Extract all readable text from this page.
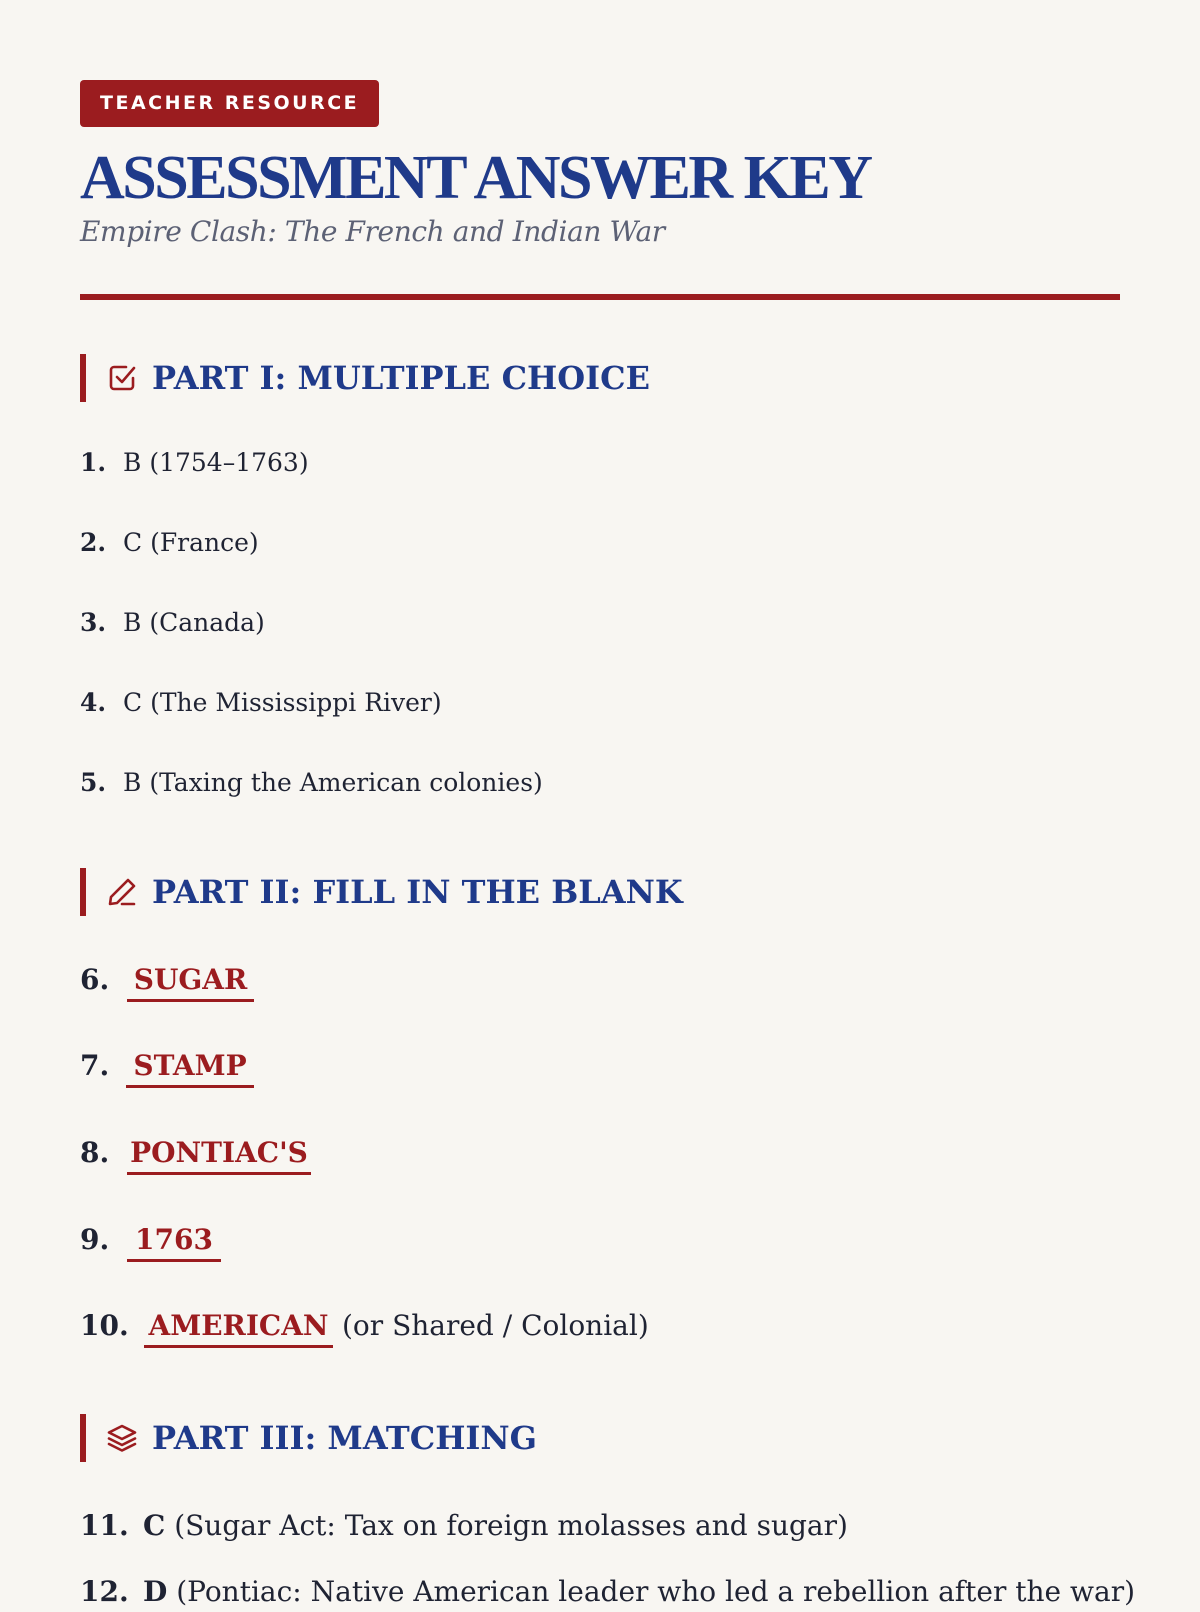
TEACHER RESOURCE
ASSESSMENT ANSWER KEY
Empire Clash: The French and Indian War
PART I: MULTIPLE CHOICE
1. B (1754–1763)
2. C (France)
3. B (Canada)
4. C (The Mississippi River)
5. B (Taxing the American colonies)
PART II: FILL IN THE BLANK
6. SUGAR
7. STAMP
8. PONTIAC'S
9. 1763
10. AMERICAN (or Shared / Colonial)
PART III: MATCHING
11. C (Sugar Act: Tax on foreign molasses and sugar)
12. D (Pontiac: Native American leader who led a rebellion after the war)
